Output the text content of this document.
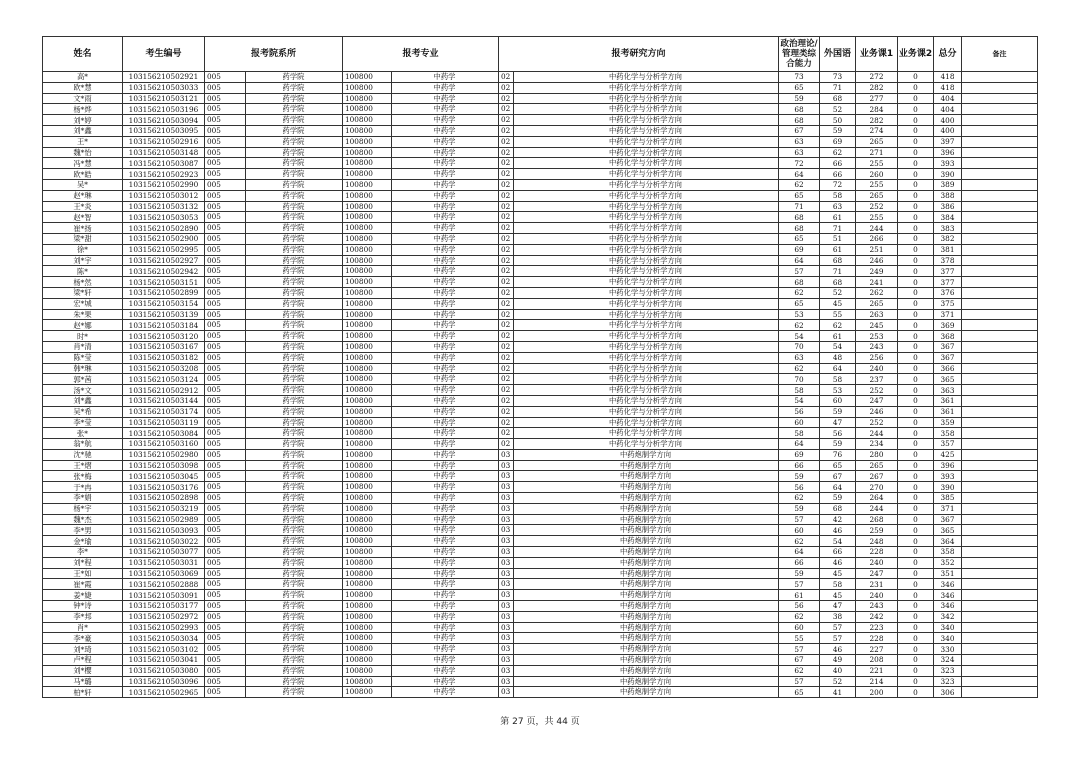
姓名	考生编号	报考院系所	报考专业	报考研究方向	政治理论/管理类综合能力	外国语	业务课1	业务课2	总分	备注
高*	103156210502921	005 药学院	100800 中药学	02 中药化学与分析学方向	73	73	272	0	418	
欧*慧	103156210503033	005 药学院	100800 中药学	02 中药化学与分析学方向	65	71	282	0	418	
文*雨	103156210503121	005 药学院	100800 中药学	02 中药化学与分析学方向	59	68	277	0	404	
杨*烨	103156210503196	005 药学院	100800 中药学	02 中药化学与分析学方向	68	52	284	0	404	
刘*婷	103156210503094	005 药学院	100800 中药学	02 中药化学与分析学方向	68	50	282	0	400	
刘*鑫	103156210503095	005 药学院	100800 中药学	02 中药化学与分析学方向	67	59	274	0	400	
王*	103156210502916	005 药学院	100800 中药学	02 中药化学与分析学方向	63	69	265	0	397	
魏*怡	103156210503148	005 药学院	100800 中药学	02 中药化学与分析学方向	63	62	271	0	396	
冯*慧	103156210503087	005 药学院	100800 中药学	02 中药化学与分析学方向	72	66	255	0	393	
欧*皓	103156210502923	005 药学院	100800 中药学	02 中药化学与分析学方向	64	66	260	0	390	
吴*	103156210502990	005 药学院	100800 中药学	02 中药化学与分析学方向	62	72	255	0	389	
赵*琳	103156210503012	005 药学院	100800 中药学	02 中药化学与分析学方向	65	58	265	0	388	
王*炎	103156210503132	005 药学院	100800 中药学	02 中药化学与分析学方向	71	63	252	0	386	
赵*智	103156210503053	005 药学院	100800 中药学	02 中药化学与分析学方向	68	61	255	0	384	
崔*扬	103156210502890	005 药学院	100800 中药学	02 中药化学与分析学方向	68	71	244	0	383	
梁*甜	103156210502900	005 药学院	100800 中药学	02 中药化学与分析学方向	65	51	266	0	382	
徐*	103156210502995	005 药学院	100800 中药学	02 中药化学与分析学方向	69	61	251	0	381	
刘*宇	103156210502927	005 药学院	100800 中药学	02 中药化学与分析学方向	64	68	246	0	378	
陈*	103156210502942	005 药学院	100800 中药学	02 中药化学与分析学方向	57	71	249	0	377	
杨*然	103156210503151	005 药学院	100800 中药学	02 中药化学与分析学方向	68	68	241	0	377	
梁*轩	103156210502899	005 药学院	100800 中药学	02 中药化学与分析学方向	62	52	262	0	376	
宏*城	103156210503154	005 药学院	100800 中药学	02 中药化学与分析学方向	65	45	265	0	375	
朱*果	103156210503139	005 药学院	100800 中药学	02 中药化学与分析学方向	53	55	263	0	371	
赵*娜	103156210503184	005 药学院	100800 中药学	02 中药化学与分析学方向	62	62	245	0	369	
时*	103156210503120	005 药学院	100800 中药学	02 中药化学与分析学方向	54	61	253	0	368	
肖*清	103156210503167	005 药学院	100800 中药学	02 中药化学与分析学方向	70	54	243	0	367	
陈*莹	103156210503182	005 药学院	100800 中药学	02 中药化学与分析学方向	63	48	256	0	367	
韩*琳	103156210503208	005 药学院	100800 中药学	02 中药化学与分析学方向	62	64	240	0	366	
郭*茜	103156210503124	005 药学院	100800 中药学	02 中药化学与分析学方向	70	58	237	0	365	
汤*文	103156210502912	005 药学院	100800 中药学	02 中药化学与分析学方向	58	53	252	0	363	
刘*鑫	103156210503144	005 药学院	100800 中药学	02 中药化学与分析学方向	54	60	247	0	361	
吴*希	103156210503174	005 药学院	100800 中药学	02 中药化学与分析学方向	56	59	246	0	361	
李*莹	103156210503119	005 药学院	100800 中药学	02 中药化学与分析学方向	60	47	252	0	359	
张*	103156210503084	005 药学院	100800 中药学	02 中药化学与分析学方向	58	56	244	0	358	
翁*航	103156210503160	005 药学院	100800 中药学	02 中药化学与分析学方向	64	59	234	0	357	
沈*驰	103156210502980	005 药学院	100800 中药学	03 中药炮制学方向	69	76	280	0	425	
王*熠	103156210503098	005 药学院	100800 中药学	03 中药炮制学方向	66	65	265	0	396	
张*梅	103156210503045	005 药学院	100800 中药学	03 中药炮制学方向	59	67	267	0	393	
于*冉	103156210503176	005 药学院	100800 中药学	03 中药炮制学方向	56	64	270	0	390	
李*娟	103156210502898	005 药学院	100800 中药学	03 中药炮制学方向	62	59	264	0	385	
杨*宇	103156210503219	005 药学院	100800 中药学	03 中药炮制学方向	59	68	244	0	371	
魏*杰	103156210502989	005 药学院	100800 中药学	03 中药炮制学方向	57	42	268	0	367	
李*男	103156210503093	005 药学院	100800 中药学	03 中药炮制学方向	60	46	259	0	365	
金*瑜	103156210503022	005 药学院	100800 中药学	03 中药炮制学方向	62	54	248	0	364	
李*	103156210503077	005 药学院	100800 中药学	03 中药炮制学方向	64	66	228	0	358	
刘*程	103156210503031	005 药学院	100800 中药学	03 中药炮制学方向	66	46	240	0	352	
王*如	103156210503069	005 药学院	100800 中药学	03 中药炮制学方向	59	45	247	0	351	
崔*霞	103156210502888	005 药学院	100800 中药学	03 中药炮制学方向	57	58	231	0	346	
姜*婕	103156210503091	005 药学院	100800 中药学	03 中药炮制学方向	61	45	240	0	346	
钟*诗	103156210503177	005 药学院	100800 中药学	03 中药炮制学方向	56	47	243	0	346	
李*邦	103156210502972	005 药学院	100800 中药学	03 中药炮制学方向	62	38	242	0	342	
肖*	103156210502993	005 药学院	100800 中药学	03 中药炮制学方向	60	57	223	0	340	
李*豪	103156210503034	005 药学院	100800 中药学	03 中药炮制学方向	55	57	228	0	340	
刘*琦	103156210503102	005 药学院	100800 中药学	03 中药炮制学方向	57	46	227	0	330	
卢*程	103156210503041	005 药学院	100800 中药学	03 中药炮制学方向	67	49	208	0	324	
刘*樱	103156210503080	005 药学院	100800 中药学	03 中药炮制学方向	62	40	221	0	323	
马*璐	103156210503096	005 药学院	100800 中药学	03 中药炮制学方向	57	52	214	0	323	
柏*轩	103156210502965	005 药学院	100800 中药学	03 中药炮制学方向	65	41	200	0	306	
第 27 页，共 44 页
